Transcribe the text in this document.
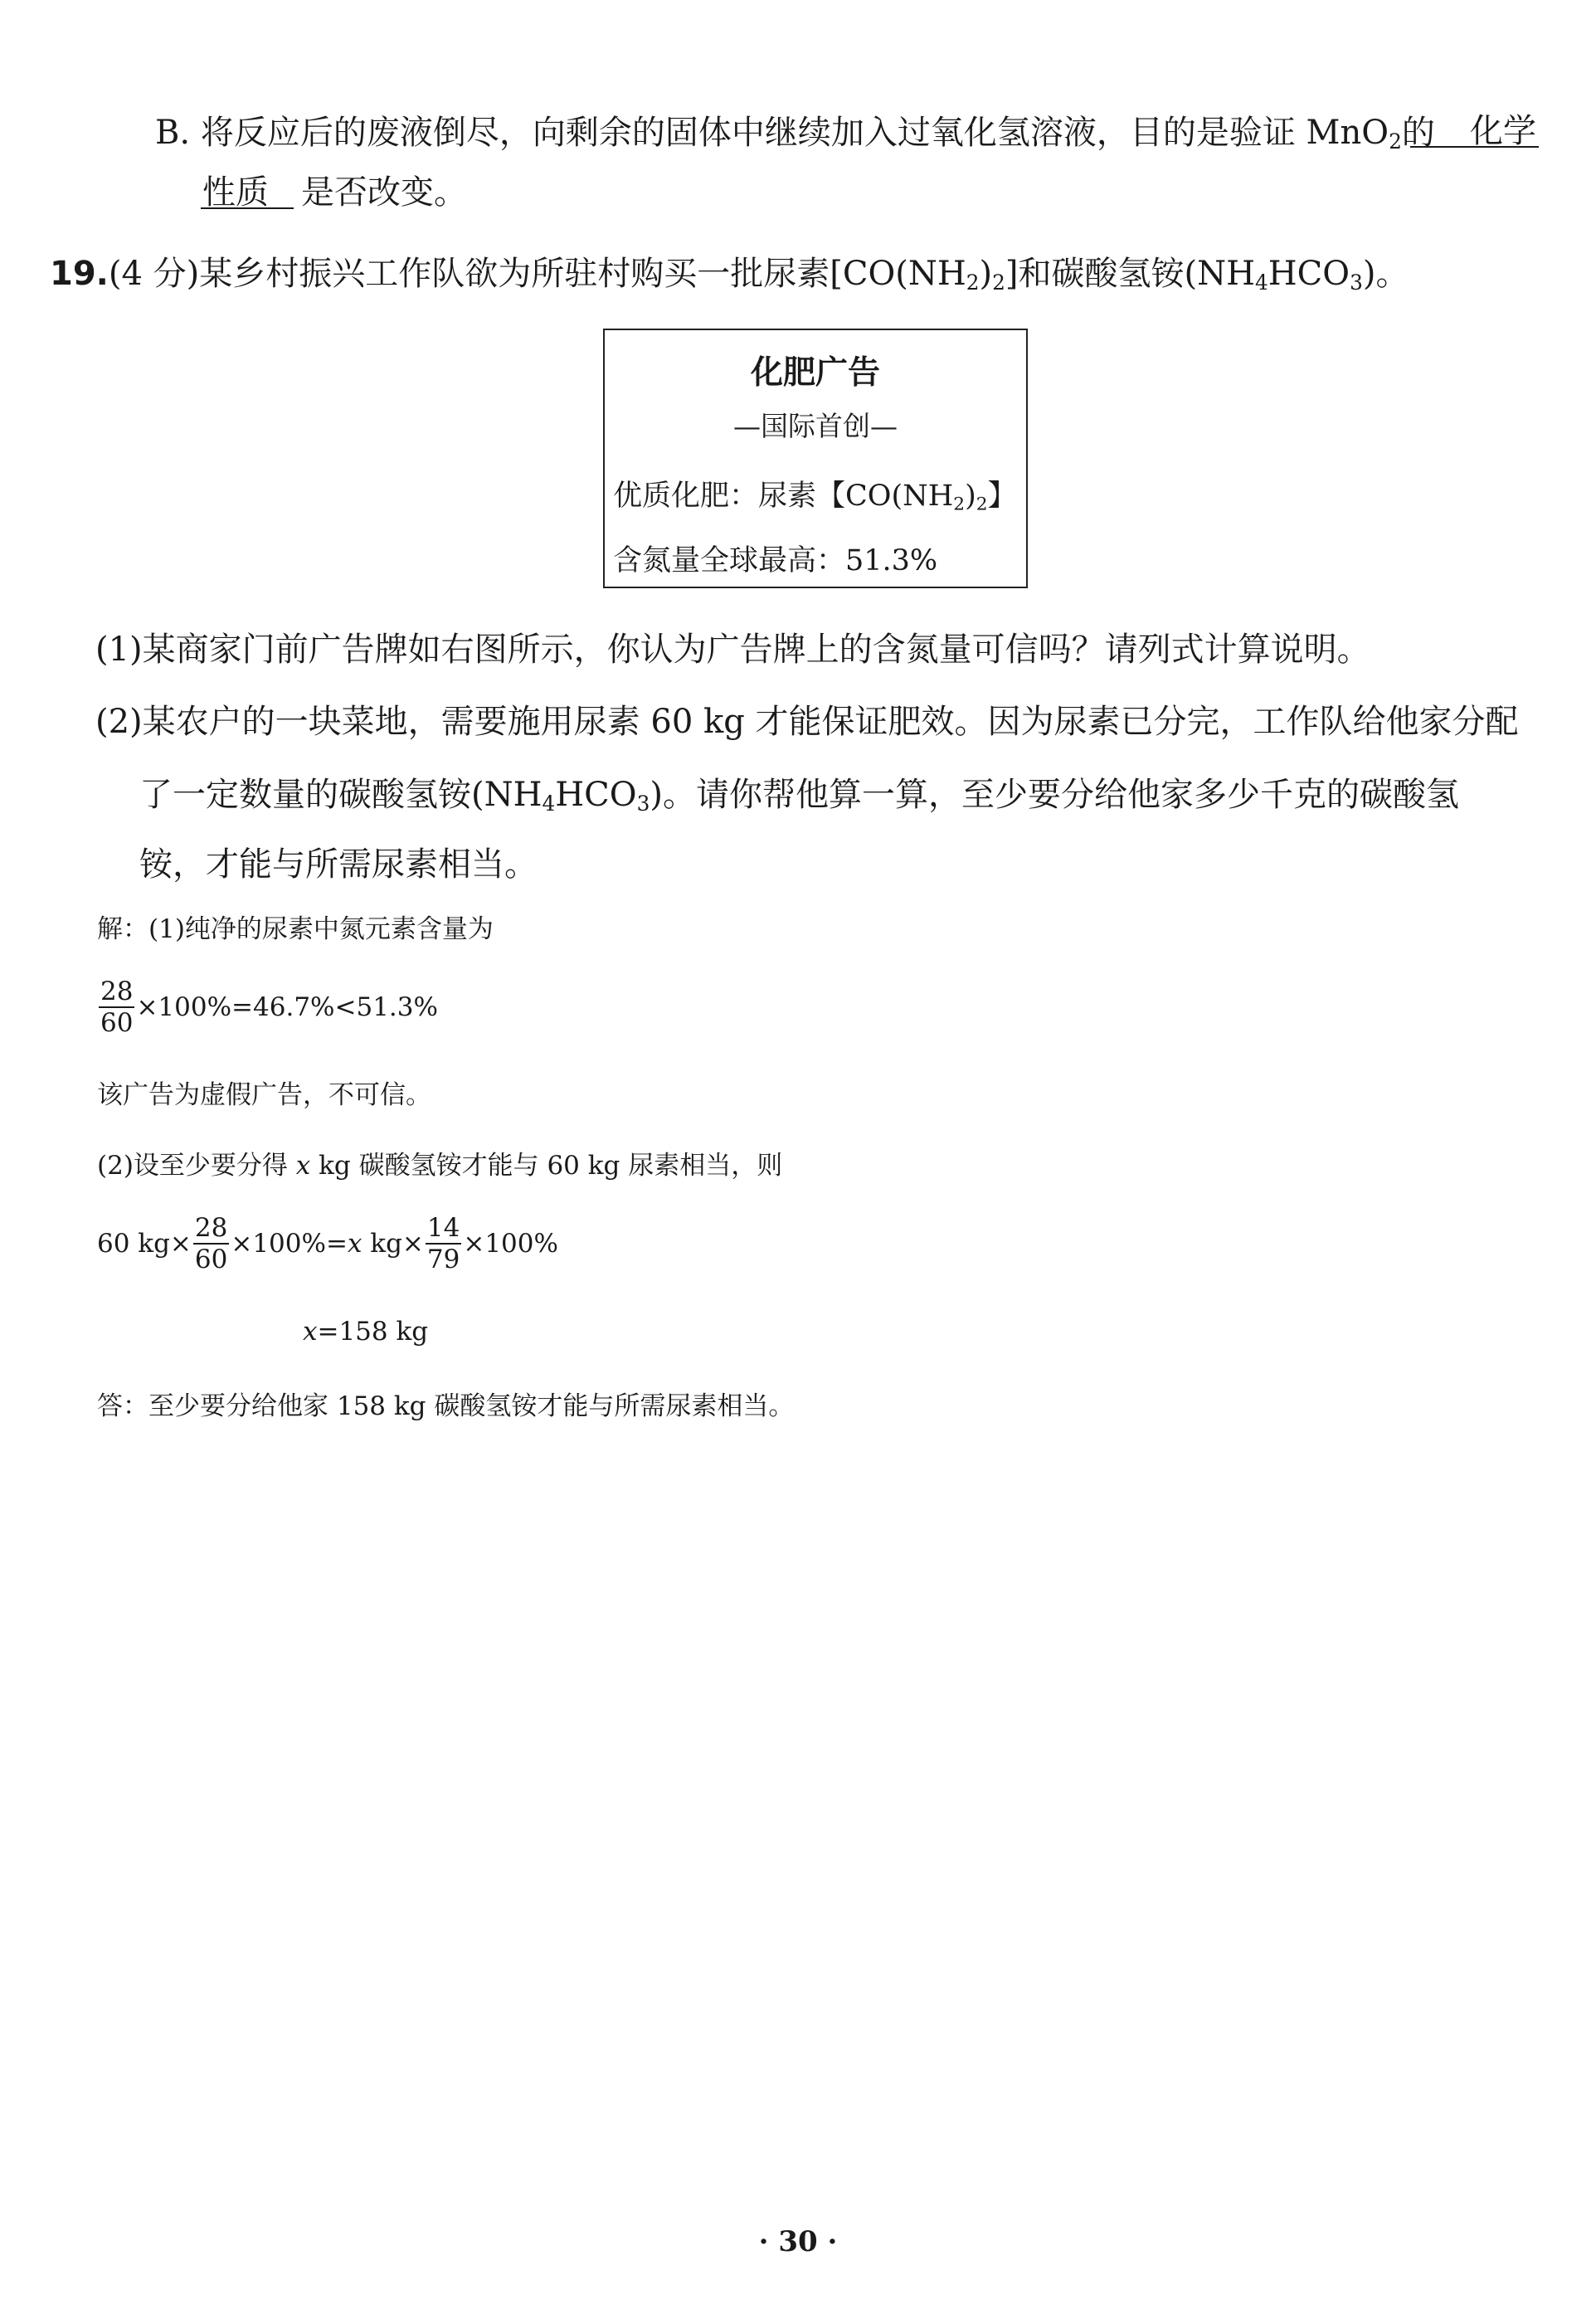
B. 将反应后的废液倒尽，向剩余的固体中继续加入过氧化氢溶液，目的是验证 MnO$_2$的 化学
性质 是否改变。
19.(4 分)某乡村振兴工作队欲为所驻村购买一批尿素$[CO(NH_2)_2]$和碳酸氢铵$(NH_4HCO_3)$。
化肥广告
—国际首创—
优质化肥：尿素【$CO(NH_2)_2$】
含氮量全球最高：51.3%
(1)某商家门前广告牌如右图所示，你认为广告牌上的含氮量可信吗？请列式计算说明。
(2)某农户的一块菜地，需要施用尿素 60 kg 才能保证肥效。因为尿素已分完，工作队给他家分配
了一定数量的碳酸氢铵$(NH_4HCO_3)$。请你帮他算一算，至少要分给他家多少千克的碳酸氢
铵，才能与所需尿素相当。
解：(1)纯净的尿素中氮元素含量为
$\frac{28}{60} \times 100\%=46.7\%<51.3\%$
该广告为虚假广告，不可信。
(2)设至少要分得 x kg 碳酸氢铵才能与 60 kg 尿素相当，则
60 $kg\times \frac{28}{60} \times 100\%= x$
$kg\times \frac{14}{79} \times 100\%$
x=158 kg
答：至少要分给他家 158 kg 碳酸氢铵才能与所需尿素相当。
· 30 ·
